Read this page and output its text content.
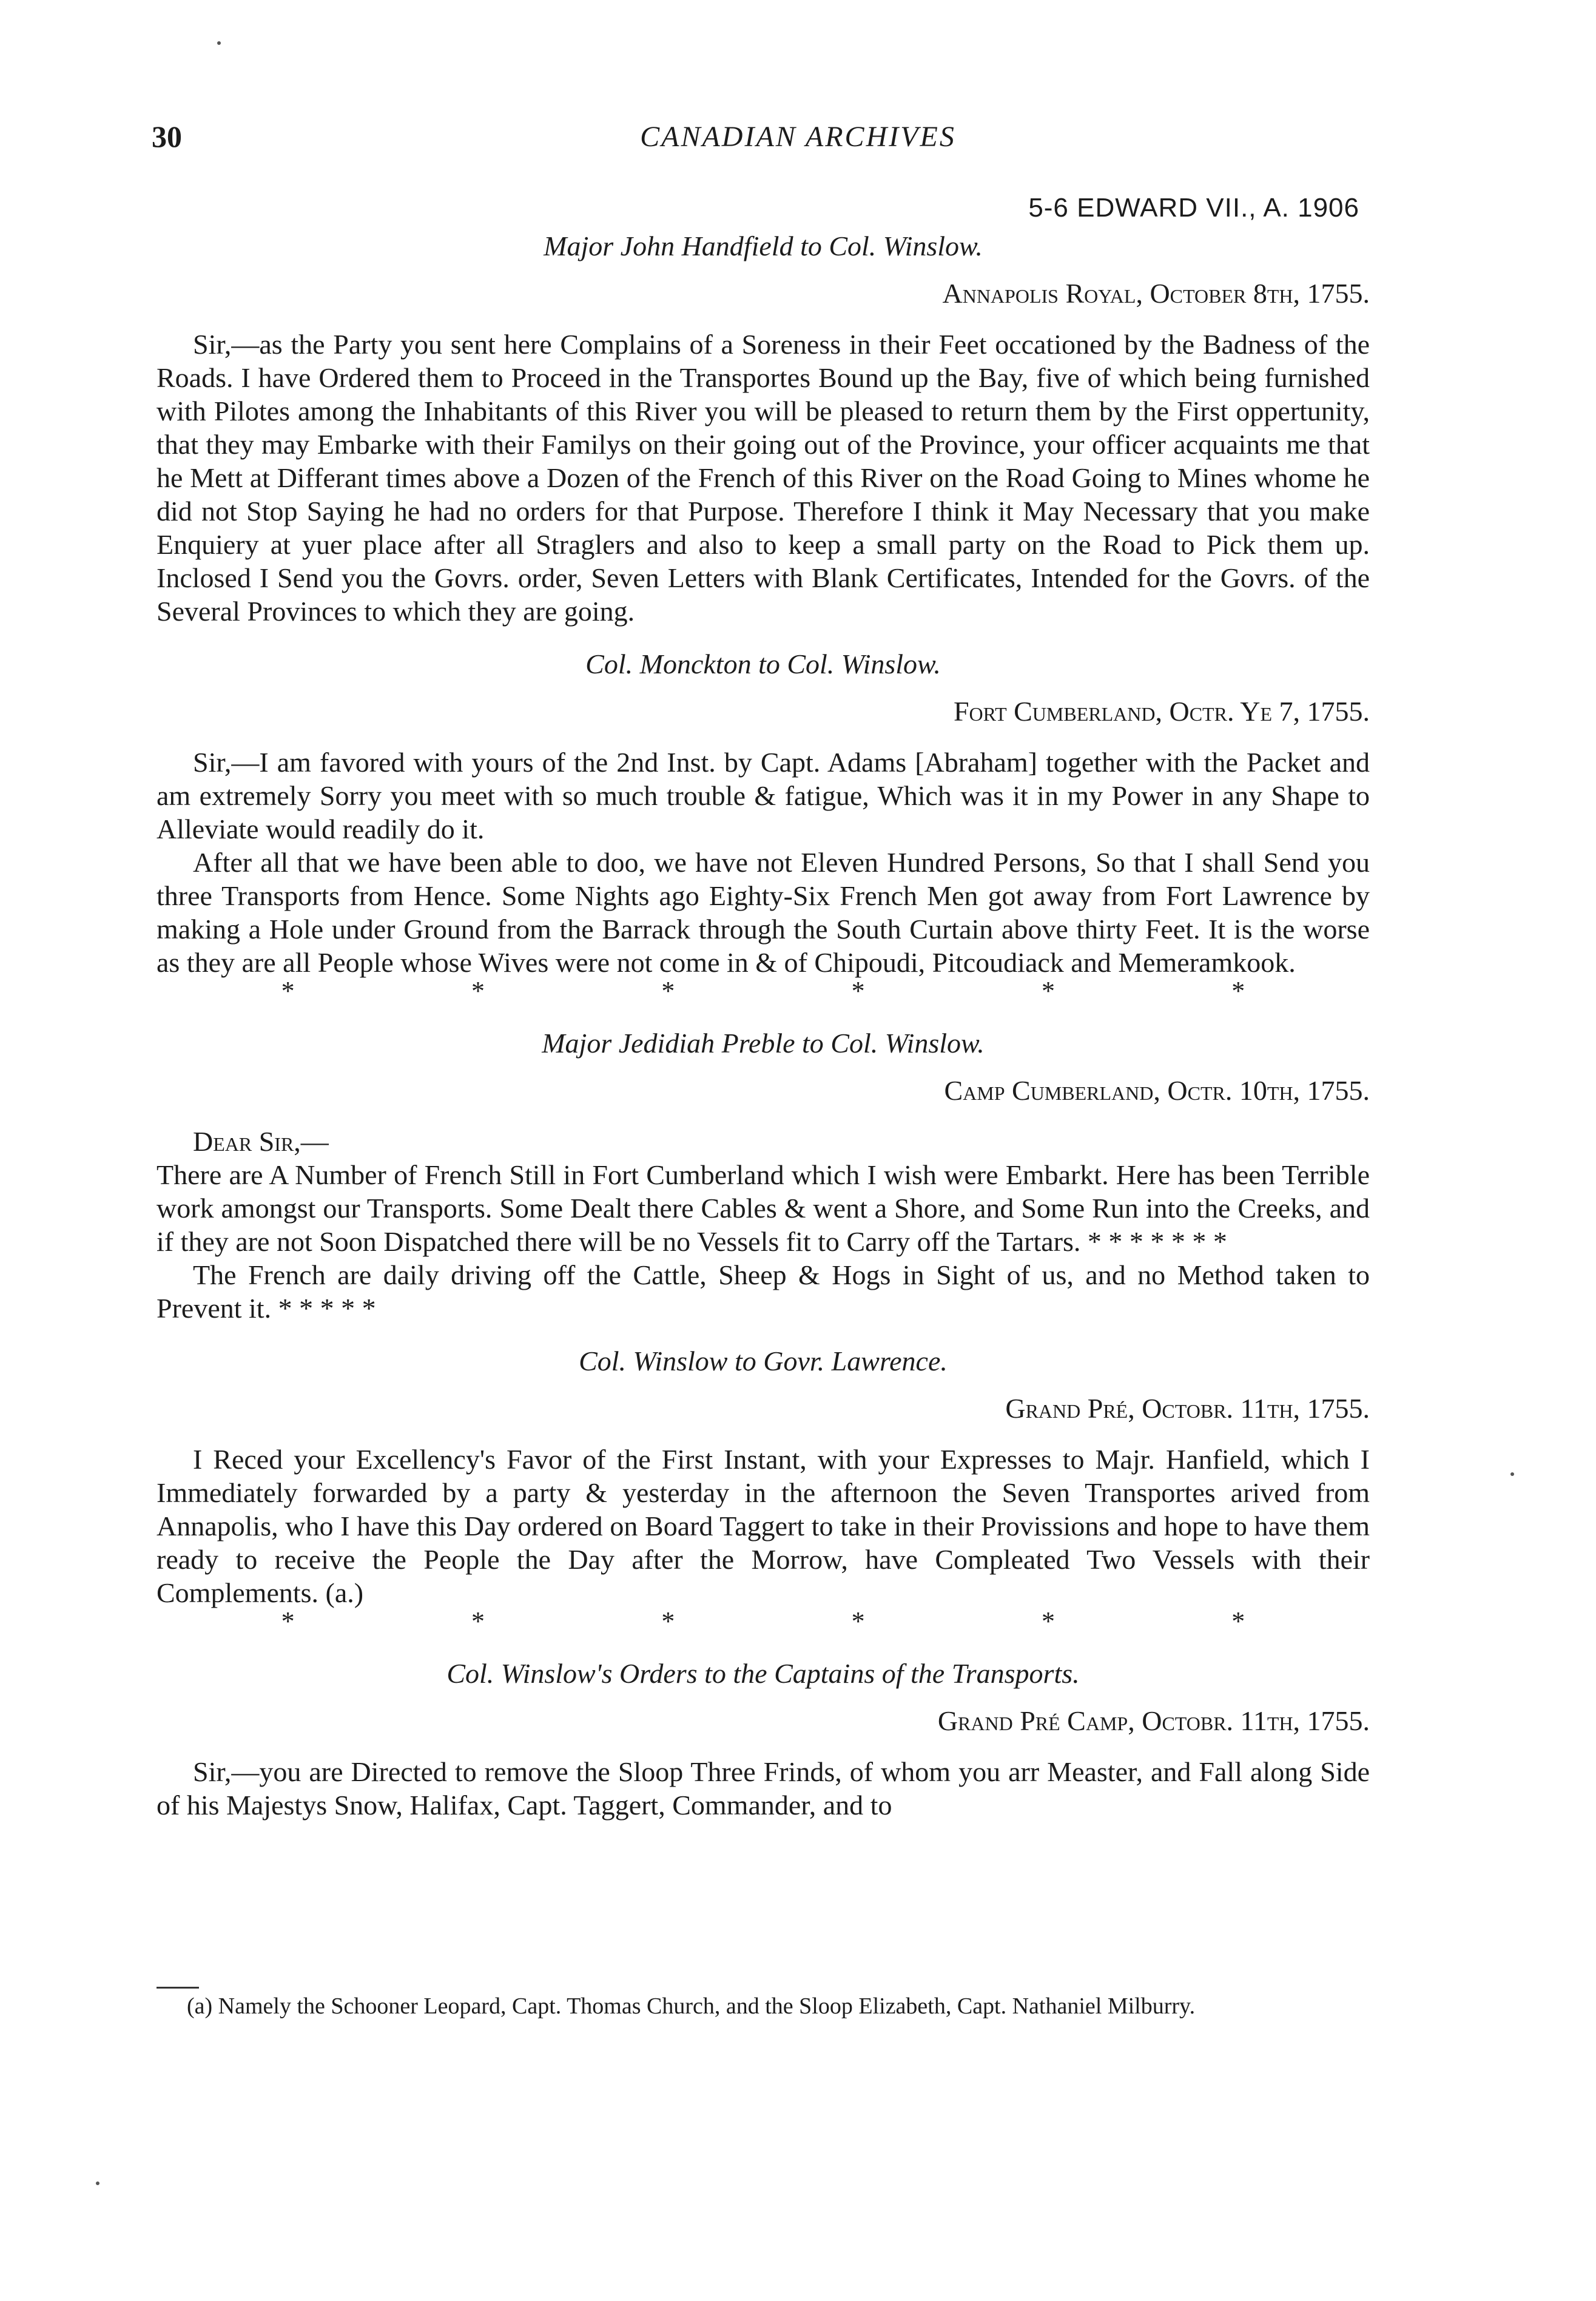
30	CANADIAN ARCHIVES
5-6 EDWARD VII., A. 1906
Major John Handfield to Col. Winslow.
Annapolis Royal, October 8th, 1755.

Sir,—as the Party you sent here Complains of a Soreness in their Feet occationed by the Badness of the Roads. I have Ordered them to Proceed in the Transportes Bound up the Bay, five of which being furnished with Pilotes among the Inhabitants of this River you will be pleased to return them by the First oppertunity, that they may Embarke with their Familys on their going out of the Province, your officer acquaints me that he Mett at Differant times above a Dozen of the French of this River on the Road Going to Mines whome he did not Stop Saying he had no orders for that Purpose. Therefore I think it May Necessary that you make Enquiery at yuer place after all Straglers and also to keep a small party on the Road to Pick them up. Inclosed I Send you the Govrs. order, Seven Letters with Blank Certificates, Intended for the Govrs. of the Several Provinces to which they are going.

Col. Monckton to Col. Winslow.
Fort Cumberland, Octr. Ye 7, 1755.

Sir,—I am favored with yours of the 2nd Inst. by Capt. Adams [Abraham] together with the Packet and am extremely Sorry you meet with so much trouble & fatigue, Which was it in my Power in any Shape to Alleviate would readily do it.

After all that we have been able to doo, we have not Eleven Hundred Persons, So that I shall Send you three Transports from Hence. Some Nights ago Eighty-Six French Men got away from Fort Lawrence by making a Hole under Ground from the Barrack through the South Curtain above thirty Feet. It is the worse as they are all People whose Wives were not come in & of Chipoudi, Pitcoudiack and Memeramkook.

*	*	*	*	*	*
Major Jedidiah Preble to Col. Winslow.
Camp Cumberland, Octr. 10th, 1755.

Dear Sir,—

There are A Number of French Still in Fort Cumberland which I wish were Embarkt. Here has been Terrible work amongst our Transports. Some Dealt there Cables & went a Shore, and Some Run into the Creeks, and if they are not Soon Dispatched there will be no Vessels fit to Carry off the Tartars. * * * * * * *

The French are daily driving off the Cattle, Sheep & Hogs in Sight of us, and no Method taken to Prevent it. * * * * *

Col. Winslow to Govr. Lawrence.
Grand Pré, Octobr. 11th, 1755.

I Reced your Excellency's Favor of the First Instant, with your Expresses to Majr. Hanfield, which I Immediately forwarded by a party & yesterday in the afternoon the Seven Transportes arived from Annapolis, who I have this Day ordered on Board Taggert to take in their Provissions and hope to have them ready to receive the People the Day after the Morrow, have Compleated Two Vessels with their Complements. (a.)

*	*	*	*	*	*
Col. Winslow's Orders to the Captains of the Transports.
Grand Pré Camp, Octobr. 11th, 1755.

Sir,—you are Directed to remove the Sloop Three Frinds, of whom you arr Measter, and Fall along Side of his Majestys Snow, Halifax, Capt. Taggert, Commander, and to

(a) Namely the Schooner Leopard, Capt. Thomas Church, and the Sloop Elizabeth, Capt. Nathaniel Milburry.
